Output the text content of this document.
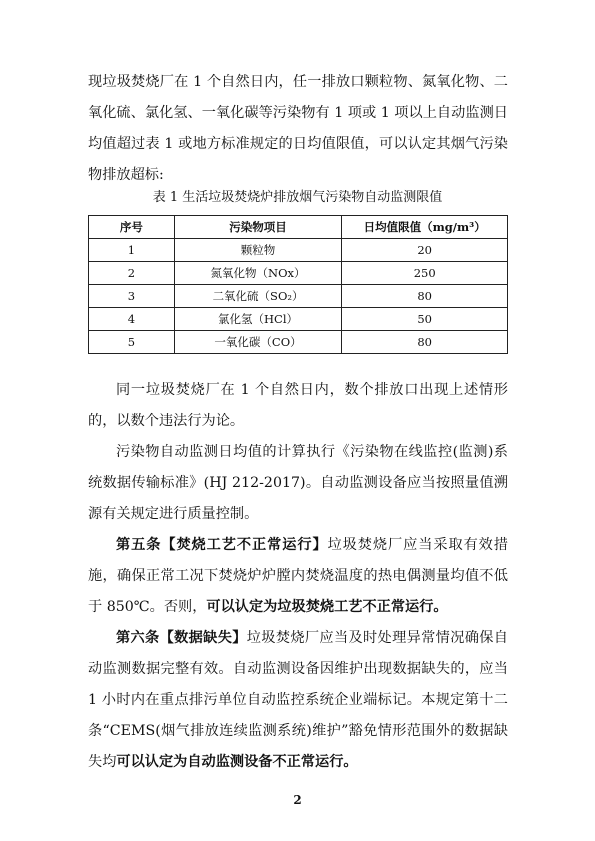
现垃圾焚烧厂在 1 个自然日内，任一排放口颗粒物、氮氧化物、二氧化硫、氯化氢、一氧化碳等污染物有 1 项或 1 项以上自动监测日均值超过表 1 或地方标准规定的日均值限值，可以认定其烟气污染物排放超标:

表 1 生活垃圾焚烧炉排放烟气污染物自动监测限值

序号	污染物项目	日均值限值（mg/m³）
1	颗粒物	20
2	氮氧化物（NOx）	250
3	二氧化硫（SO₂）	80
4	氯化氢（HCl）	50
5	一氧化碳（CO）	80

同一垃圾焚烧厂在 1 个自然日内，数个排放口出现上述情形的，以数个违法行为论。

污染物自动监测日均值的计算执行《污染物在线监控(监测)系统数据传输标准》(HJ 212-2017)。自动监测设备应当按照量值溯源有关规定进行质量控制。

第五条【焚烧工艺不正常运行】垃圾焚烧厂应当采取有效措施，确保正常工况下焚烧炉炉膛内焚烧温度的热电偶测量均值不低于 850℃。否则，可以认定为垃圾焚烧工艺不正常运行。

第六条【数据缺失】垃圾焚烧厂应当及时处理异常情况确保自动监测数据完整有效。自动监测设备因维护出现数据缺失的，应当 1 小时内在重点排污单位自动监控系统企业端标记。本规定第十二条“CEMS(烟气排放连续监测系统)维护”豁免情形范围外的数据缺失均可以认定为自动监测设备不正常运行。

2
